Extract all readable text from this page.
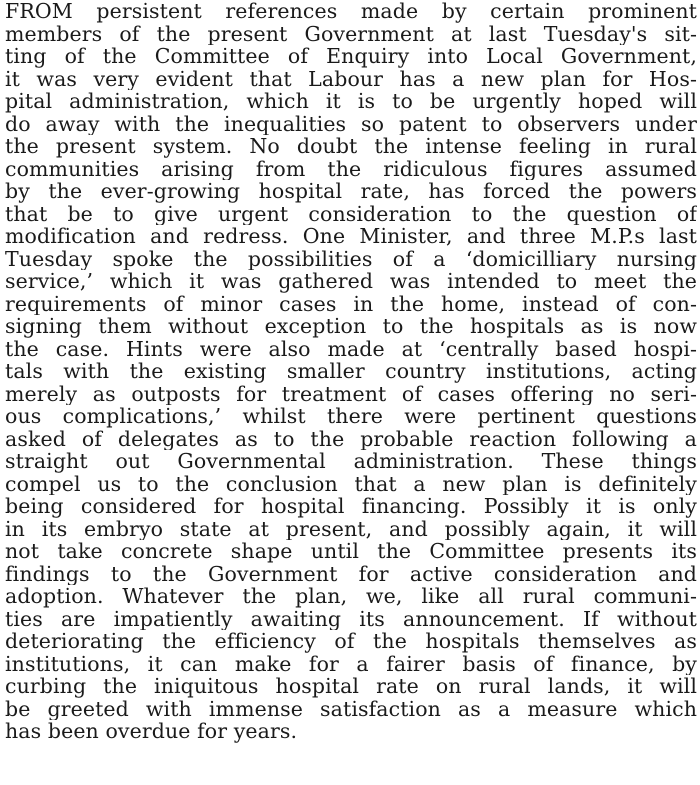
FROM persistent references made by certain prominent
members of the present Government at last Tuesday's sit-
ting of the Committee of Enquiry into Local Government,
it was very evident that Labour has a new plan for Hos-
pital administration, which it is to be urgently hoped will
do away with the inequalities so patent to observers under
the present system. No doubt the intense feeling in rural
communities arising from the ridiculous figures assumed
by the ever-growing hospital rate, has forced the powers
that be to give urgent consideration to the question of
modification and redress. One Minister, and three M.P.s last
Tuesday spoke the possibilities of a ‘domicilliary nursing
service,’ which it was gathered was intended to meet the
requirements of minor cases in the home, instead of con-
signing them without exception to the hospitals as is now
the case. Hints were also made at ‘centrally based hospi-
tals with the existing smaller country institutions, acting
merely as outposts for treatment of cases offering no seri-
ous complications,’ whilst there were pertinent questions
asked of delegates as to the probable reaction following a
straight out Governmental administration. These things
compel us to the conclusion that a new plan is definitely
being considered for hospital financing. Possibly it is only
in its embryo state at present, and possibly again, it will
not take concrete shape until the Committee presents its
findings to the Government for active consideration and
adoption. Whatever the plan, we, like all rural communi-
ties are impatiently awaiting its announcement. If without
deteriorating the efficiency of the hospitals themselves as
institutions, it can make for a fairer basis of finance, by
curbing the iniquitous hospital rate on rural lands, it will
be greeted with immense satisfaction as a measure which
has been overdue for years.
